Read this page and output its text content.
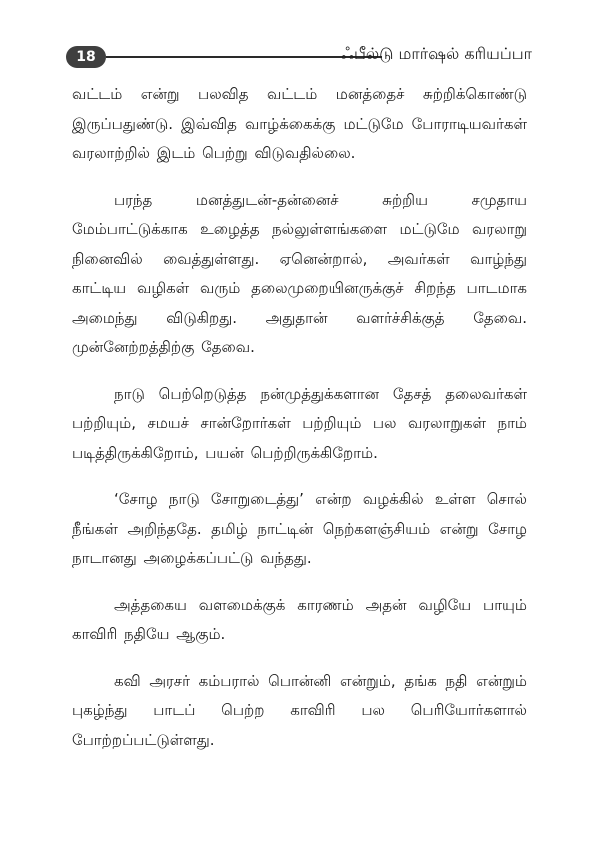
18	ஃபீல்டு மார்ஷல் கரியப்பா

வட்டம் என்று பலவித வட்டம் மனத்தைச் சுற்றிக்கொண்டு இருப்பதுண்டு. இவ்வித வாழ்க்கைக்கு மட்டுமே போராடியவர்கள் வரலாற்றில் இடம் பெற்று விடுவதில்லை.

பரந்த மனத்துடன்-தன்னைச் சுற்றிய சமுதாய மேம்பாட்டுக்காக உழைத்த நல்லுள்ளங்களை மட்டுமே வரலாறு நினைவில் வைத்துள்ளது. ஏனென்றால், அவர்கள் வாழ்ந்து காட்டிய வழிகள் வரும் தலைமுறையினருக்குச் சிறந்த பாடமாக அமைந்து விடுகிறது. அதுதான் வளர்ச்சிக்குத் தேவை. முன்னேற்றத்திற்கு தேவை.

நாடு பெற்றெடுத்த நன்முத்துக்களான தேசத் தலைவர்கள் பற்றியும், சமயச் சான்றோர்கள் பற்றியும் பல வரலாறுகள் நாம் படித்திருக்கிறோம், பயன் பெற்றிருக்கிறோம்.

‘சோழ நாடு சோறுடைத்து’ என்ற வழக்கில் உள்ள சொல் நீங்கள் அறிந்ததே. தமிழ் நாட்டின் நெற்களஞ்சியம் என்று சோழ நாடானது அழைக்கப்பட்டு வந்தது.

அத்தகைய வளமைக்குக் காரணம் அதன் வழியே பாயும் காவிரி நதியே ஆகும்.

கவி அரசர் கம்பரால் பொன்னி என்றும், தங்க நதி என்றும் புகழ்ந்து பாடப் பெற்ற காவிரி பல பெரியோர்களால் போற்றப்பட்டுள்ளது.
